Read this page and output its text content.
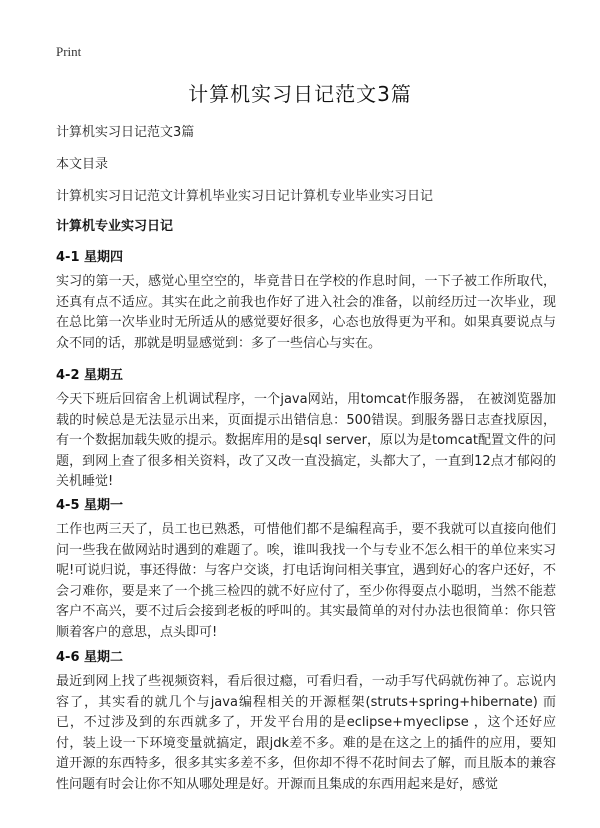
Print
计算机实习日记范文3篇
计算机实习日记范文3篇
本文目录
计算机实习日记范文计算机毕业实习日记计算机专业毕业实习日记
计算机专业实习日记
4-1 星期四

实习的第一天，感觉心里空空的，毕竟昔日在学校的作息时间，一下子被工作所取代，还真有点不适应。其实在此之前我也作好了进入社会的准备，以前经历过一次毕业，现在总比第一次毕业时无所适从的感觉要好很多，心态也放得更为平和。如果真要说点与众不同的话，那就是明显感觉到：多了一些信心与实在。

4-2 星期五

今天下班后回宿舍上机调试程序，一个java网站，用tomcat作服务器， 在被浏览器加载的时候总是无法显示出来，页面提示出错信息：500错误。到服务器日志查找原因，有一个数据加载失败的提示。数据库用的是sql server，原以为是tomcat配置文件的问题，到网上查了很多相关资料，改了又改一直没搞定，头都大了，一直到12点才郁闷的关机睡觉!

4-5 星期一

工作也两三天了，员工也已熟悉，可惜他们都不是编程高手，要不我就可以直接向他们问一些我在做网站时遇到的难题了。唉，谁叫我找一个与专业不怎么相干的单位来实习呢!可说归说，事还得做：与客户交谈，打电话询问相关事宜，遇到好心的客户还好，不会刁难你，要是来了一个挑三检四的就不好应付了，至少你得耍点小聪明，当然不能惹客户不高兴，要不过后会接到老板的呼叫的。其实最简单的对付办法也很简单：你只管顺着客户的意思，点头即可!

4-6 星期二

最近到网上找了些视频资料，看后很过瘾，可看归看，一动手写代码就伤神了。忘说内容了，其实看的就几个与java编程相关的开源框架(struts+spring+hibernate) 而已，不过涉及到的东西就多了，开发平台用的是eclipse+myeclipse ，这个还好应付，装上设一下环境变量就搞定，跟jdk差不多。难的是在这之上的插件的应用，要知道开源的东西特多，很多其实多差不多，但你却不得不花时间去了解，而且版本的兼容性问题有时会让你不知从哪处理是好。开源而且集成的东西用起来是好，感觉
